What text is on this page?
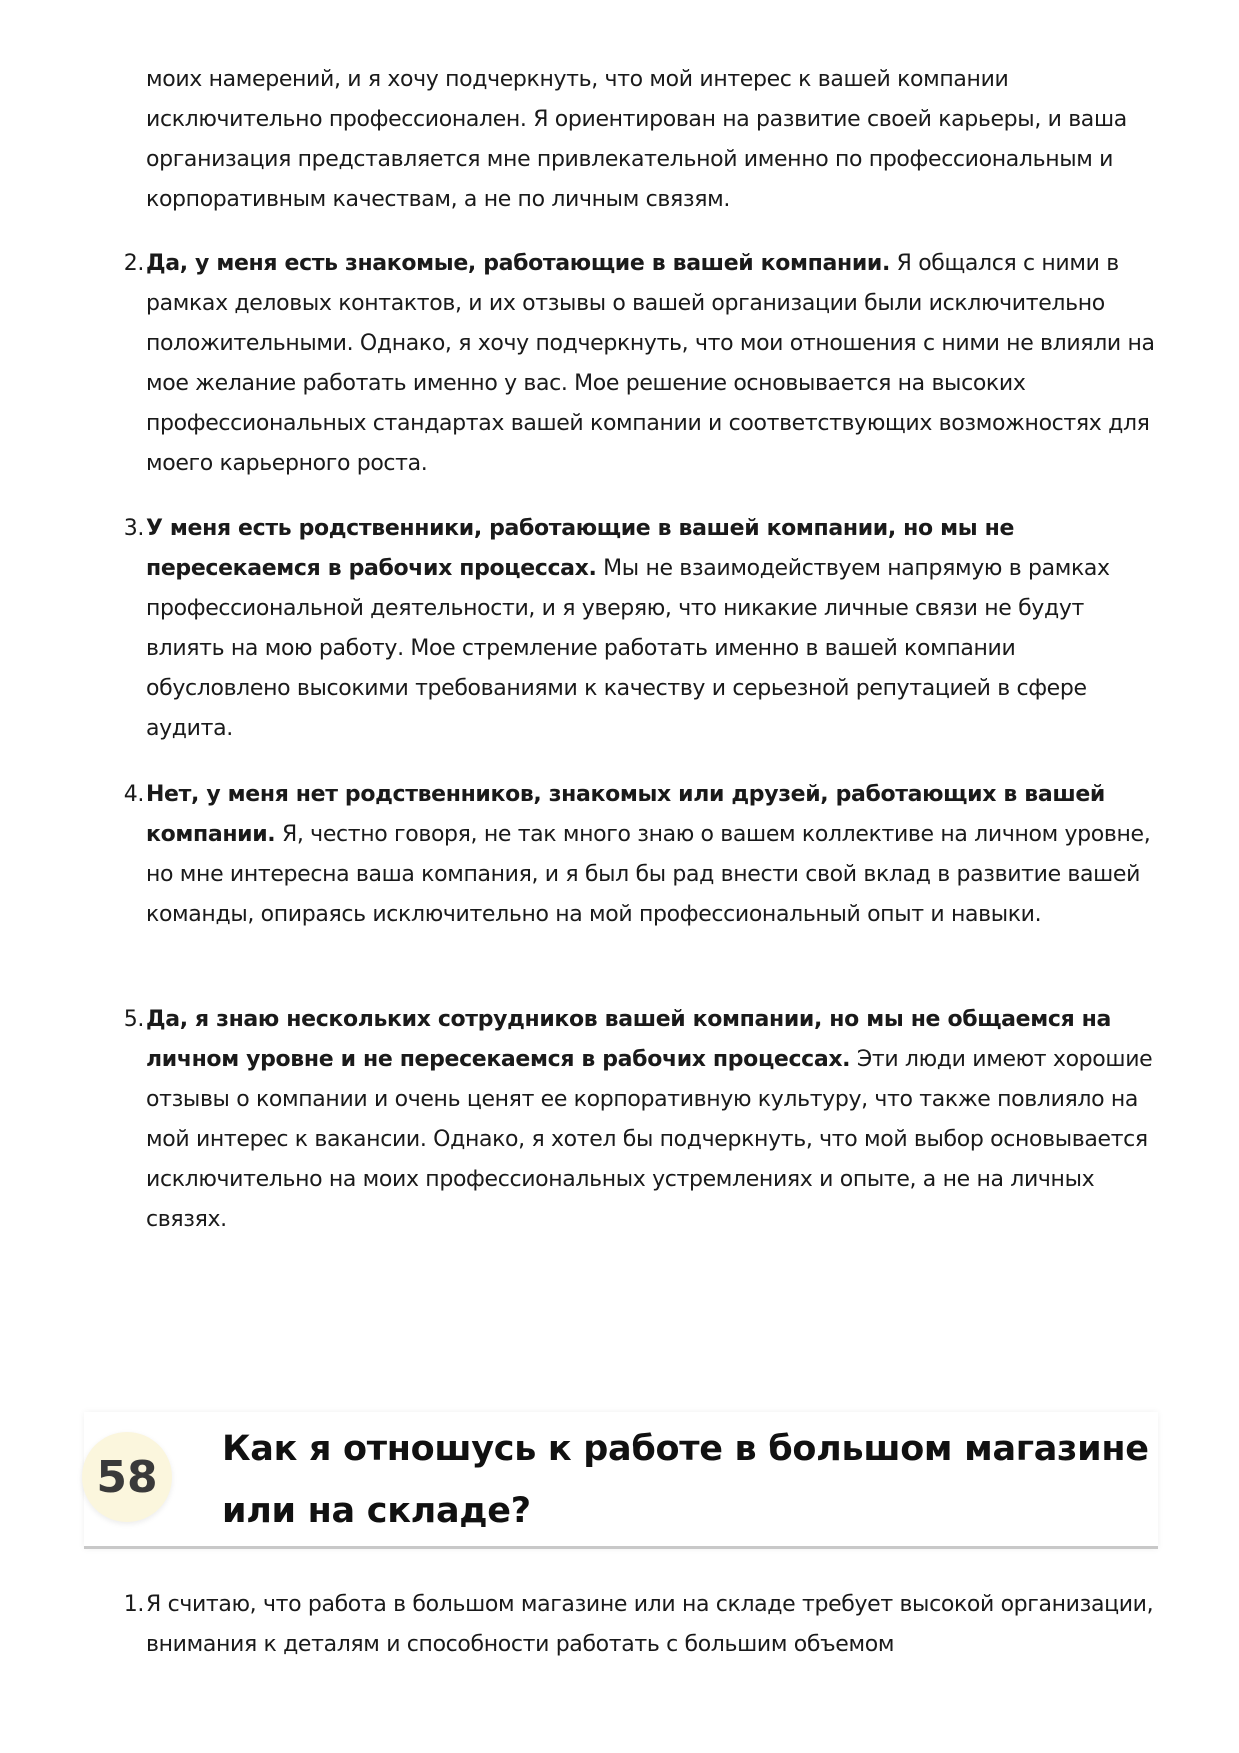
моих намерений, и я хочу подчеркнуть, что мой интерес к вашей компании исключительно профессионален. Я ориентирован на развитие своей карьеры, и ваша организация представляется мне привлекательной именно по профессиональным и корпоративным качествам, а не по личным связям.

2. Да, у меня есть знакомые, работающие в вашей компании. Я общался с ними в рамках деловых контактов, и их отзывы о вашей организации были исключительно положительными. Однако, я хочу подчеркнуть, что мои отношения с ними не влияли на мое желание работать именно у вас. Мое решение основывается на высоких профессиональных стандартах вашей компании и соответствующих возможностях для моего карьерного роста.
3. У меня есть родственники, работающие в вашей компании, но мы не пересекаемся в рабочих процессах. Мы не взаимодействуем напрямую в рамках профессиональной деятельности, и я уверяю, что никакие личные связи не будут влиять на мою работу. Мое стремление работать именно в вашей компании обусловлено высокими требованиями к качеству и серьезной репутацией в сфере аудита.
4. Нет, у меня нет родственников, знакомых или друзей, работающих в вашей компании. Я, честно говоря, не так много знаю о вашем коллективе на личном уровне, но мне интересна ваша компания, и я был бы рад внести свой вклад в развитие вашей команды, опираясь исключительно на мой профессиональный опыт и навыки.
5. Да, я знаю нескольких сотрудников вашей компании, но мы не общаемся на личном уровне и не пересекаемся в рабочих процессах. Эти люди имеют хорошие отзывы о компании и очень ценят ее корпоративную культуру, что также повлияло на мой интерес к вакансии. Однако, я хотел бы подчеркнуть, что мой выбор основывается исключительно на моих профессиональных устремлениях и опыте, а не на личных связях.
58
Как я отношусь к работе в большом магазине или на складе?
1. Я считаю, что работа в большом магазине или на складе требует высокой организации, внимания к деталям и способности работать с большим объемом
